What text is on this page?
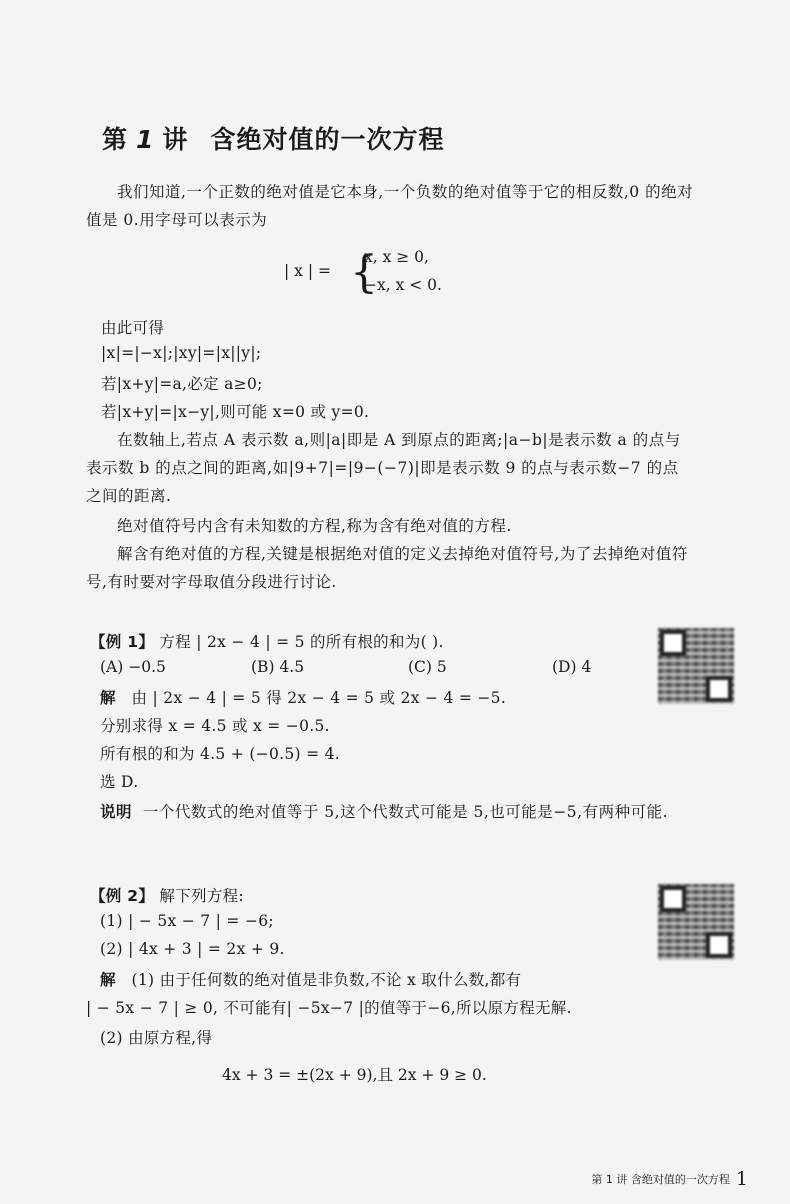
第 1 讲 含绝对值的一次方程
我们知道,一个正数的绝对值是它本身,一个负数的绝对值等于它的相反数,0 的绝对值是 0.用字母可以表示为
| x | = {
x, x ≥ 0,
−x, x < 0.
由此可得
|x|=|−x|;|xy|=|x||y|;
若|x+y|=a,必定 a≥0;
若|x+y|=|x−y|,则可能 x=0 或 y=0.
在数轴上,若点 A 表示数 a,则|a|即是 A 到原点的距离;|a−b|是表示数 a 的点与表示数 b 的点之间的距离,如|9+7|=|9−(−7)|即是表示数 9 的点与表示数−7 的点之间的距离.
绝对值符号内含有未知数的方程,称为含有绝对值的方程.
解含有绝对值的方程,关键是根据绝对值的定义去掉绝对值符号,为了去掉绝对值符号,有时要对字母取值分段进行讨论.
【例 1】 方程 | 2x − 4 | = 5 的所有根的和为( ).
(A) −0.5	(B) 4.5	(C) 5	(D) 4
解 由 | 2x − 4 | = 5 得 2x − 4 = 5 或 2x − 4 = −5.
分别求得 x = 4.5 或 x = −0.5.
所有根的和为 4.5 + (−0.5) = 4.
选 D.
说明 一个代数式的绝对值等于 5,这个代数式可能是 5,也可能是−5,有两种可能.
【例 2】 解下列方程:
(1) | − 5x − 7 | = −6;
(2) | 4x + 3 | = 2x + 9.
解 (1) 由于任何数的绝对值是非负数,不论 x 取什么数,都有
| − 5x − 7 | ≥ 0, 不可能有| −5x−7 |的值等于−6,所以原方程无解.
(2) 由原方程,得
4x + 3 = ±(2x + 9),且 2x + 9 ≥ 0.
第 1 讲 含绝对值的一次方程 1
